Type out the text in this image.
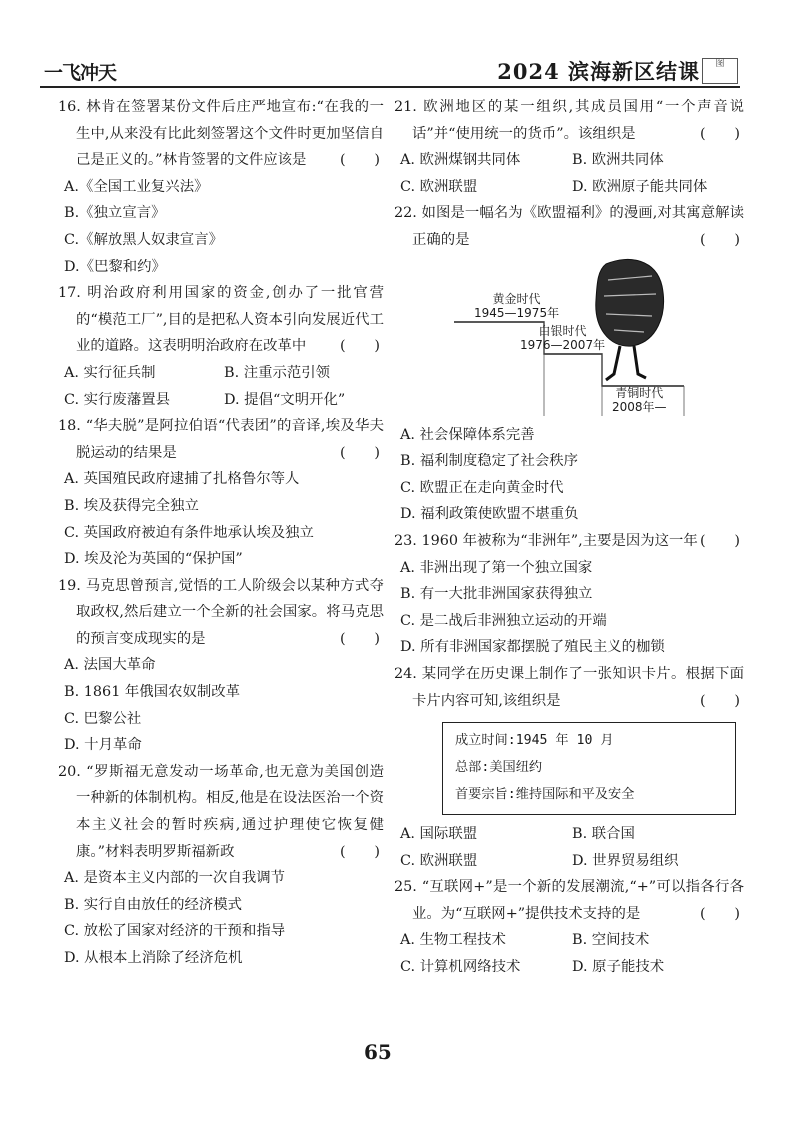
一飞冲天	2024 滨海新区结课	图
16. 林肯在签署某份文件后庄严地宣布:“在我的一生中,从来没有比此刻签署这个文件时更加坚信自己是正义的。”林肯签署的文件应该是 (　　)
A.《全国工业复兴法》
B.《独立宣言》
C.《解放黑人奴隶宣言》
D.《巴黎和约》
17. 明治政府利用国家的资金,创办了一批官营的“模范工厂”,目的是把私人资本引向发展近代工业的道路。这表明明治政府在改革中 (　　)
A. 实行征兵制	B. 注重示范引领
C. 实行废藩置县	D. 提倡“文明开化”
18. “华夫脱”是阿拉伯语“代表团”的音译,埃及华夫脱运动的结果是	(　　)
A. 英国殖民政府逮捕了扎格鲁尔等人
B. 埃及获得完全独立
C. 英国政府被迫有条件地承认埃及独立
D. 埃及沦为英国的“保护国”
19. 马克思曾预言,觉悟的工人阶级会以某种方式夺取政权,然后建立一个全新的社会国家。将马克思的预言变成现实的是	(　　)
A. 法国大革命
B. 1861 年俄国农奴制改革
C. 巴黎公社
D. 十月革命
20. “罗斯福无意发动一场革命,也无意为美国创造一种新的体制机构。相反,他是在设法医治一个资本主义社会的暂时疾病,通过护理使它恢复健康。”材料表明罗斯福新政	(　　)
A. 是资本主义内部的一次自我调节
B. 实行自由放任的经济模式
C. 放松了国家对经济的干预和指导
D. 从根本上消除了经济危机
21. 欧洲地区的某一组织,其成员国用“一个声音说话”并“使用统一的货币”。该组织是	(　　)
A. 欧洲煤钢共同体	B. 欧洲共同体
C. 欧洲联盟	D. 欧洲原子能共同体
22. 如图是一幅名为《欧盟福利》的漫画,对其寓意解读正确的是	(　　)
黄金时代
1945—1975年
白银时代
1976—2007年
青铜时代
2008年—
A. 社会保障体系完善
B. 福利制度稳定了社会秩序
C. 欧盟正在走向黄金时代
D. 福利政策使欧盟不堪重负
23. 1960 年被称为“非洲年”,主要是因为这一年 (　　)
A. 非洲出现了第一个独立国家
B. 有一大批非洲国家获得独立
C. 是二战后非洲独立运动的开端
D. 所有非洲国家都摆脱了殖民主义的枷锁
24. 某同学在历史课上制作了一张知识卡片。根据下面卡片内容可知,该组织是	(　　)
成立时间:1945 年 10 月
总部:美国纽约
首要宗旨:维持国际和平及安全
A. 国际联盟	B. 联合国
C. 欧洲联盟	D. 世界贸易组织
25. “互联网+”是一个新的发展潮流,“+”可以指各行各业。为“互联网+”提供技术支持的是	(　　)
A. 生物工程技术	B. 空间技术
C. 计算机网络技术	D. 原子能技术
65
